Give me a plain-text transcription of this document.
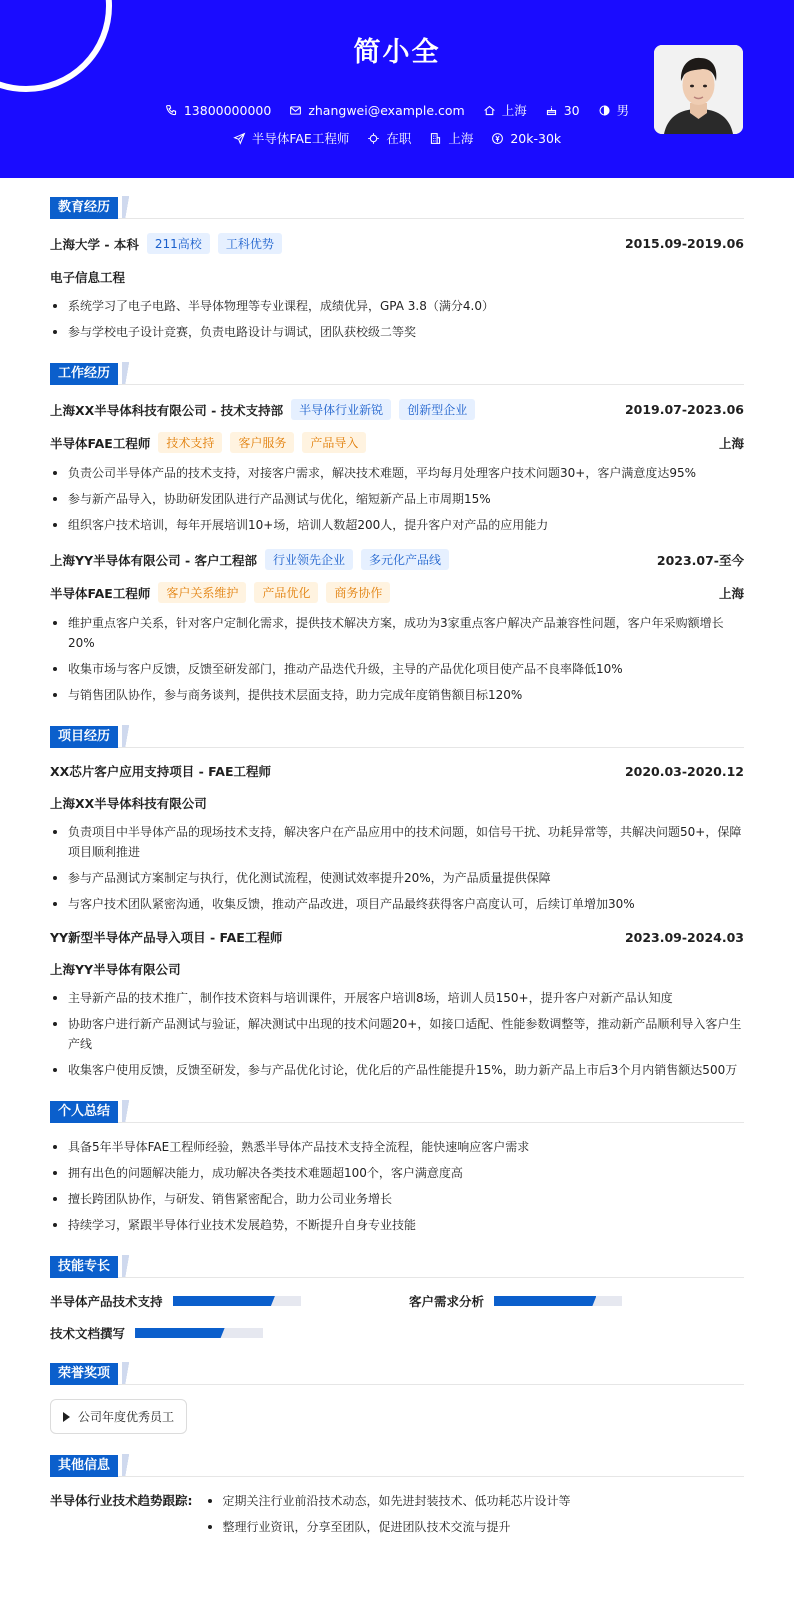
简小全
13800000000	zhangwei@example.com	上海	30	男
半导体FAE工程师	在职	上海	20k-30k
教育经历
上海大学 - 本科	211高校	工科优势	2015.09-2019.06
电子信息工程
系统学习了电子电路、半导体物理等专业课程，成绩优异，GPA 3.8（满分4.0）
参与学校电子设计竞赛，负责电路设计与调试，团队获校级二等奖
工作经历
上海XX半导体科技有限公司 - 技术支持部	半导体行业新锐	创新型企业	2019.07-2023.06
半导体FAE工程师	技术支持	客户服务	产品导入	上海
负责公司半导体产品的技术支持，对接客户需求，解决技术难题，平均每月处理客户技术问题30+，客户满意度达95%
参与新产品导入，协助研发团队进行产品测试与优化，缩短新产品上市周期15%
组织客户技术培训，每年开展培训10+场，培训人数超200人，提升客户对产品的应用能力
上海YY半导体有限公司 - 客户工程部	行业领先企业	多元化产品线	2023.07-至今
半导体FAE工程师	客户关系维护	产品优化	商务协作	上海
维护重点客户关系，针对客户定制化需求，提供技术解决方案，成功为3家重点客户解决产品兼容性问题，客户年采购额增长20%
收集市场与客户反馈，反馈至研发部门，推动产品迭代升级，主导的产品优化项目使产品不良率降低10%
与销售团队协作，参与商务谈判，提供技术层面支持，助力完成年度销售额目标120%
项目经历
XX芯片客户应用支持项目 - FAE工程师	2020.03-2020.12
上海XX半导体科技有限公司
负责项目中半导体产品的现场技术支持，解决客户在产品应用中的技术问题，如信号干扰、功耗异常等，共解决问题50+，保障项目顺利推进
参与产品测试方案制定与执行，优化测试流程，使测试效率提升20%，为产品质量提供保障
与客户技术团队紧密沟通，收集反馈，推动产品改进，项目产品最终获得客户高度认可，后续订单增加30%
YY新型半导体产品导入项目 - FAE工程师	2023.09-2024.03
上海YY半导体有限公司
主导新产品的技术推广，制作技术资料与培训课件，开展客户培训8场，培训人员150+，提升客户对新产品认知度
协助客户进行新产品测试与验证，解决测试中出现的技术问题20+，如接口适配、性能参数调整等，推动新产品顺利导入客户生产线
收集客户使用反馈，反馈至研发，参与产品优化讨论，优化后的产品性能提升15%，助力新产品上市后3个月内销售额达500万
个人总结
具备5年半导体FAE工程师经验，熟悉半导体产品技术支持全流程，能快速响应客户需求
拥有出色的问题解决能力，成功解决各类技术难题超100个，客户满意度高
擅长跨团队协作，与研发、销售紧密配合，助力公司业务增长
持续学习，紧跟半导体行业技术发展趋势，不断提升自身专业技能
技能专长
半导体产品技术支持	客户需求分析
技术文档撰写
荣誉奖项
公司年度优秀员工
其他信息
半导体行业技术趋势跟踪:	定期关注行业前沿技术动态，如先进封装技术、低功耗芯片设计等
整理行业资讯，分享至团队，促进团队技术交流与提升
